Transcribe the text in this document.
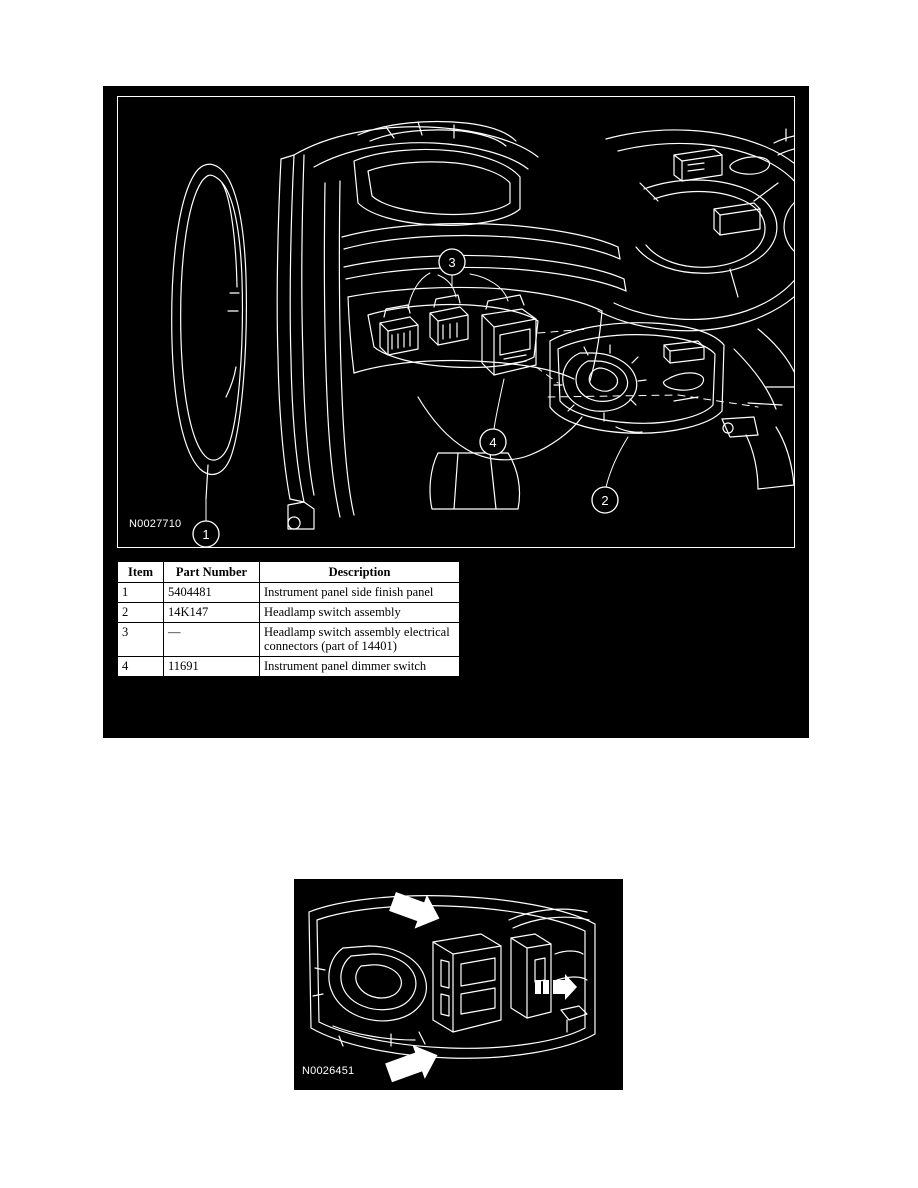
1
2
3
4
N0027710
Item	Part Number	Description
1	5404481	Instrument panel side finish panel
2	14K147	Headlamp switch assembly
3	—	Headlamp switch assembly electrical connectors (part of 14401)
4	11691	Instrument panel dimmer switch
N0026451
